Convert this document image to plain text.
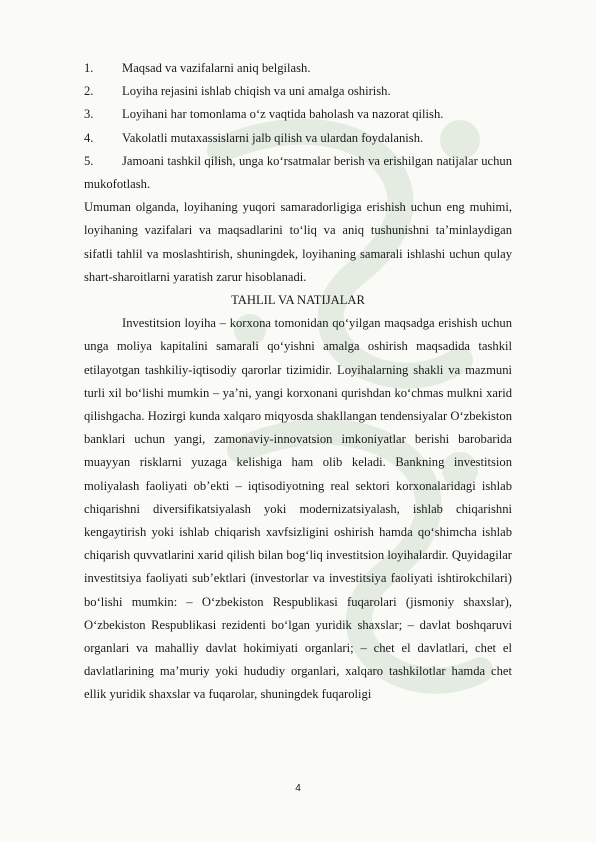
1.	Maqsad va vazifalarni aniq belgilash.
2.	Loyiha rejasini ishlab chiqish va uni amalga oshirish.
3.	Loyihani har tomonlama o‘z vaqtida baholash va nazorat qilish.
4.	Vakolatli mutaxassislarni jalb qilish va ulardan foydalanish.
5.	Jamoani tashkil qilish, unga ko‘rsatmalar berish va erishilgan natijalar uchun
mukofotlash.

Umuman olganda, loyihaning yuqori samaradorligiga erishish uchun eng muhimi, loyihaning vazifalari va maqsadlarini to‘liq va aniq tushunishni ta’minlaydigan sifatli tahlil va moslashtirish, shuningdek, loyihaning samarali ishlashi uchun qulay shart-sharoitlarni yaratish zarur hisoblanadi.

TAHLIL VA NATIJALAR

Investitsion loyiha – korxona tomonidan qo‘yilgan maqsadga erishish uchun unga moliya kapitalini samarali qo‘yishni amalga oshirish maqsadida tashkil etilayotgan tashkiliy-iqtisodiy qarorlar tizimidir. Loyihalarning shakli va mazmuni turli xil bo‘lishi mumkin – ya’ni, yangi korxonani qurishdan ko‘chmas mulkni xarid qilishgacha. Hozirgi kunda xalqaro miqyosda shakllangan tendensiyalar O‘zbekiston banklari uchun yangi, zamonaviy-innovatsion imkoniyatlar berishi barobarida muayyan risklarni yuzaga kelishiga ham olib keladi. Bankning investitsion moliyalash faoliyati ob’ekti – iqtisodiyotning real sektori korxonalaridagi ishlab chiqarishni diversifikatsiyalash yoki modernizatsiyalash, ishlab chiqarishni kengaytirish yoki ishlab chiqarish xavfsizligini oshirish hamda qo‘shimcha ishlab chiqarish quvvatlarini xarid qilish bilan bog‘liq investitsion loyihalardir. Quyidagilar investitsiya faoliyati sub’ektlari (investorlar va investitsiya faoliyati ishtirokchilari) bo‘lishi mumkin: – O‘zbekiston Respublikasi fuqarolari (jismoniy shaxslar), O‘zbekiston Respublikasi rezidenti bo‘lgan yuridik shaxslar; – davlat boshqaruvi organlari va mahalliy davlat hokimiyati organlari; – chet el davlatlari, chet el davlatlarining ma’muriy yoki hududiy organlari, xalqaro tashkilotlar hamda chet ellik yuridik shaxslar va fuqarolar, shuningdek fuqaroligi

4
